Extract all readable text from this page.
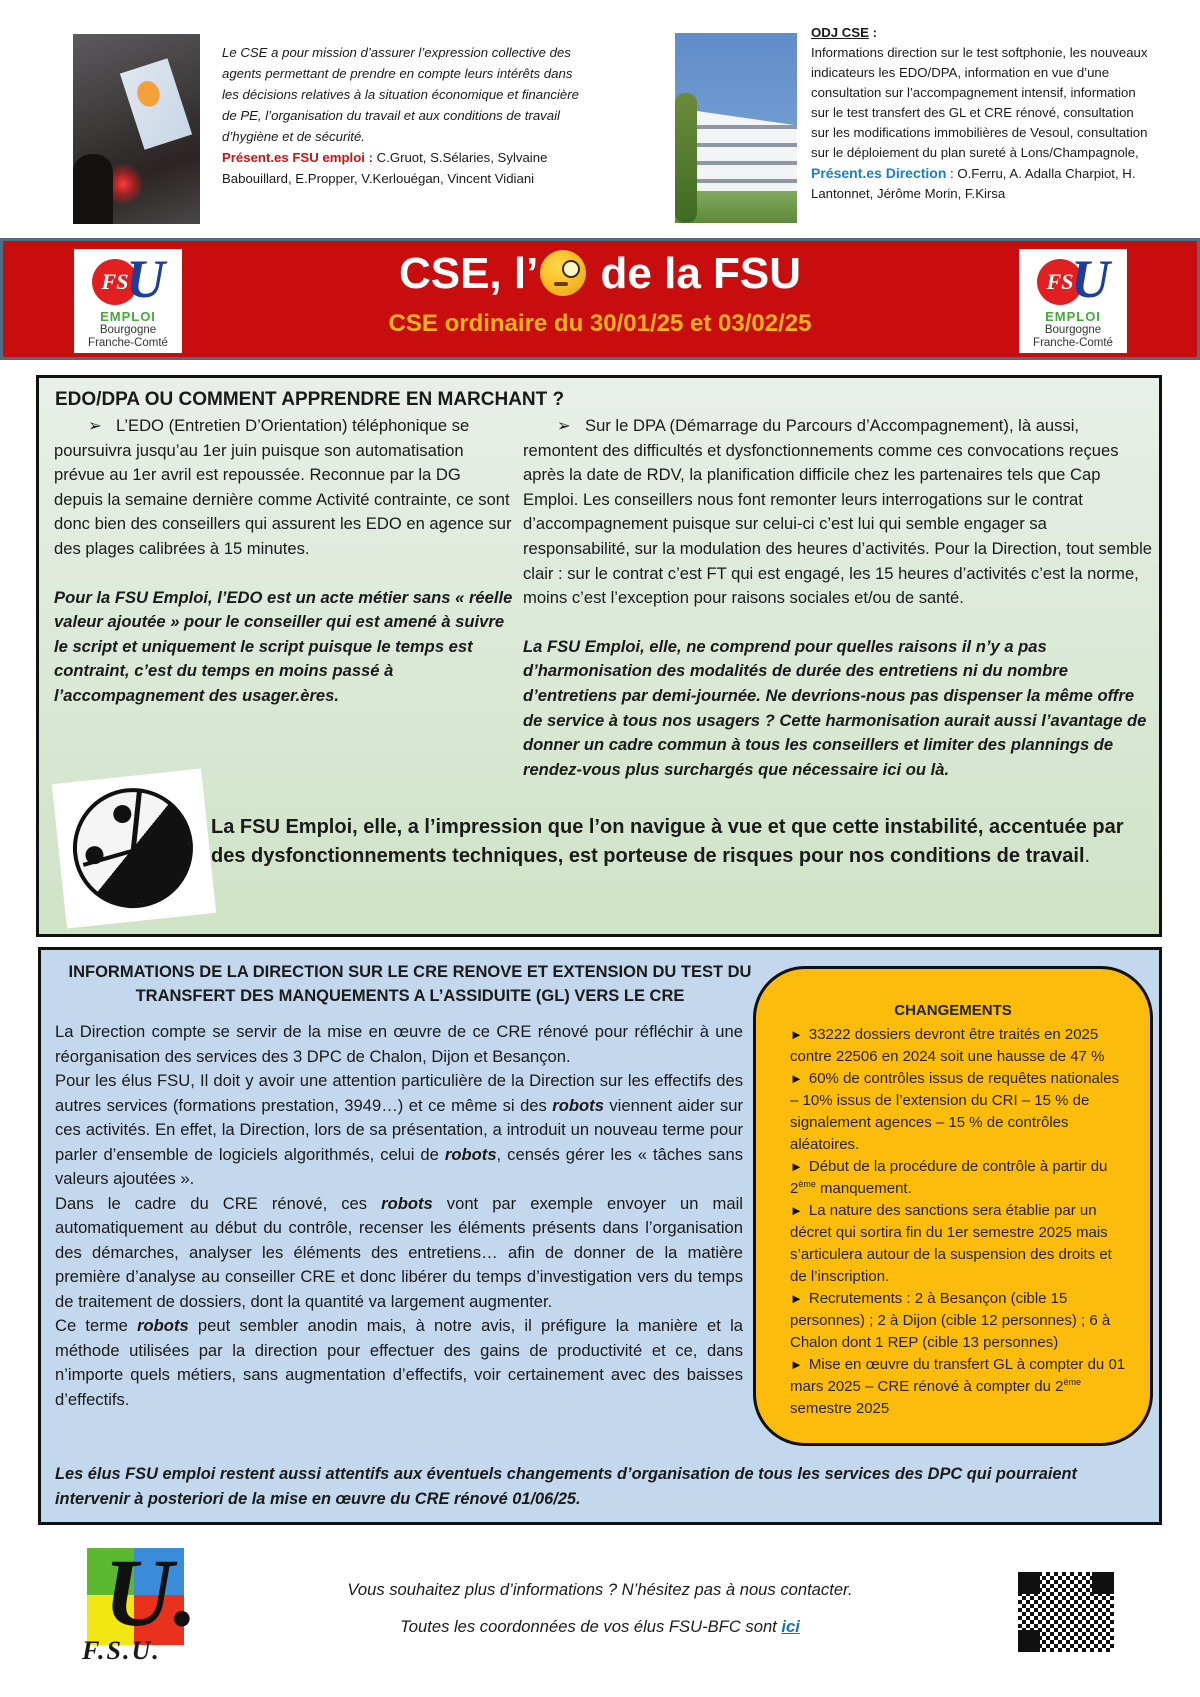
Le CSE a pour mission d’assurer l’expression collective des agents permettant de prendre en compte leurs intérêts dans les décisions relatives à la situation économique et financière de PE, l’organisation du travail et aux conditions de travail d’hygiène et de sécurité.
Présent.es FSU emploi : C.Gruot, S.Sélaries, Sylvaine Babouillard, E.Propper, V.Kerlouégan, Vincent Vidiani
ODJ CSE :
Informations direction sur le test softphonie, les nouveaux indicateurs les EDO/DPA, information en vue d’une consultation sur l’accompagnement intensif, information sur le test transfert des GL et CRE rénové, consultation sur les modifications immobilières de Vesoul, consultation sur le déploiement du plan sureté à Lons/Champagnole,
Présent.es Direction : O.Ferru, A. Adalla Charpiot, H. Lantonnet, Jérôme Morin, F.Kirsa
FS
U
EMPLOI
Bourgogne
Franche-Comté
CSE, l’ de la FSU
CSE ordinaire du 30/01/25 et 03/02/25
FS
U
EMPLOI
Bourgogne
Franche-Comté
EDO/DPA OU COMMENT APPRENDRE EN MARCHANT ?
➢ L’EDO (Entretien D’Orientation) téléphonique se poursuivra jusqu’au 1er juin puisque son automatisation prévue au 1er avril est repoussée. Reconnue par la DG depuis la semaine dernière comme Activité contrainte, ce sont donc bien des conseillers qui assurent les EDO en agence sur des plages calibrées à 15 minutes.
Pour la FSU Emploi, l’EDO est un acte métier sans « réelle valeur ajoutée » pour le conseiller qui est amené à suivre le script et uniquement le script puisque le temps est contraint, c’est du temps en moins passé à l’accompagnement des usager.ères.
➢ Sur le DPA (Démarrage du Parcours d’Accompagnement), là aussi, remontent des difficultés et dysfonctionnements comme ces convocations reçues après la date de RDV, la planification difficile chez les partenaires tels que Cap Emploi. Les conseillers nous font remonter leurs interrogations sur le contrat d’accompagnement puisque sur celui-ci c’est lui qui semble engager sa responsabilité, sur la modulation des heures d’activités. Pour la Direction, tout semble clair : sur le contrat c’est FT qui est engagé, les 15 heures d’activités c’est la norme, moins c’est l’exception pour raisons sociales et/ou de santé.
La FSU Emploi, elle, ne comprend pour quelles raisons il n’y a pas d’harmonisation des modalités de durée des entretiens ni du nombre d’entretiens par demi-journée. Ne devrions-nous pas dispenser la même offre de service à tous nos usagers ? Cette harmonisation aurait aussi l’avantage de donner un cadre commun à tous les conseillers et limiter des plannings de rendez-vous plus surchargés que nécessaire ici ou là.
La FSU Emploi, elle, a l’impression que l’on navigue à vue et que cette instabilité, accentuée par des dysfonctionnements techniques, est porteuse de risques pour nos conditions de travail.
INFORMATIONS DE LA DIRECTION SUR LE CRE RENOVE ET EXTENSION DU TEST DU TRANSFERT DES MANQUEMENTS A L’ASSIDUITE (GL) VERS LE CRE

La Direction compte se servir de la mise en œuvre de ce CRE rénové pour réfléchir à une réorganisation des services des 3 DPC de Chalon, Dijon et Besançon.

Pour les élus FSU, Il doit y avoir une attention particulière de la Direction sur les effectifs des autres services (formations prestation, 3949…) et ce même si des robots viennent aider sur ces activités. En effet, la Direction, lors de sa présentation, a introduit un nouveau terme pour parler d’ensemble de logiciels algorithmés, celui de robots, censés gérer les « tâches sans valeurs ajoutées ».

Dans le cadre du CRE rénové, ces robots vont par exemple envoyer un mail automatiquement au début du contrôle, recenser les éléments présents dans l’organisation des démarches, analyser les éléments des entretiens… afin de donner de la matière première d’analyse au conseiller CRE et donc libérer du temps d’investigation vers du temps de traitement de dossiers, dont la quantité va largement augmenter.

Ce terme robots peut sembler anodin mais, à notre avis, il préfigure la manière et la méthode utilisées par la direction pour effectuer des gains de productivité et ce, dans n’importe quels métiers, sans augmentation d’effectifs, voir certainement avec des baisses d’effectifs.

CHANGEMENTS
► 33222 dossiers devront être traités en 2025 contre 22506 en 2024 soit une hausse de 47 %
► 60% de contrôles issus de requêtes nationales – 10% issus de l’extension du CRI – 15 % de signalement agences – 15 % de contrôles aléatoires.
► Début de la procédure de contrôle à partir du 2ème manquement.
► La nature des sanctions sera établie par un décret qui sortira fin du 1er semestre 2025 mais s’articulera autour de la suspension des droits et de l’inscription.
► Recrutements : 2 à Besançon (cible 15 personnes) ; 2 à Dijon (cible 12 personnes) ; 6 à Chalon dont 1 REP (cible 13 personnes)
► Mise en œuvre du transfert GL à compter du 01 mars 2025 – CRE rénové à compter du 2ème semestre 2025
Les élus FSU emploi restent aussi attentifs aux éventuels changements d’organisation de tous les services des DPC qui pourraient intervenir à posteriori de la mise en œuvre du CRE rénové 01/06/25.
U.
F.S.U.
Vous souhaitez plus d’informations ? N’hésitez pas à nous contacter.
Toutes les coordonnées de vos élus FSU-BFC sont ici
